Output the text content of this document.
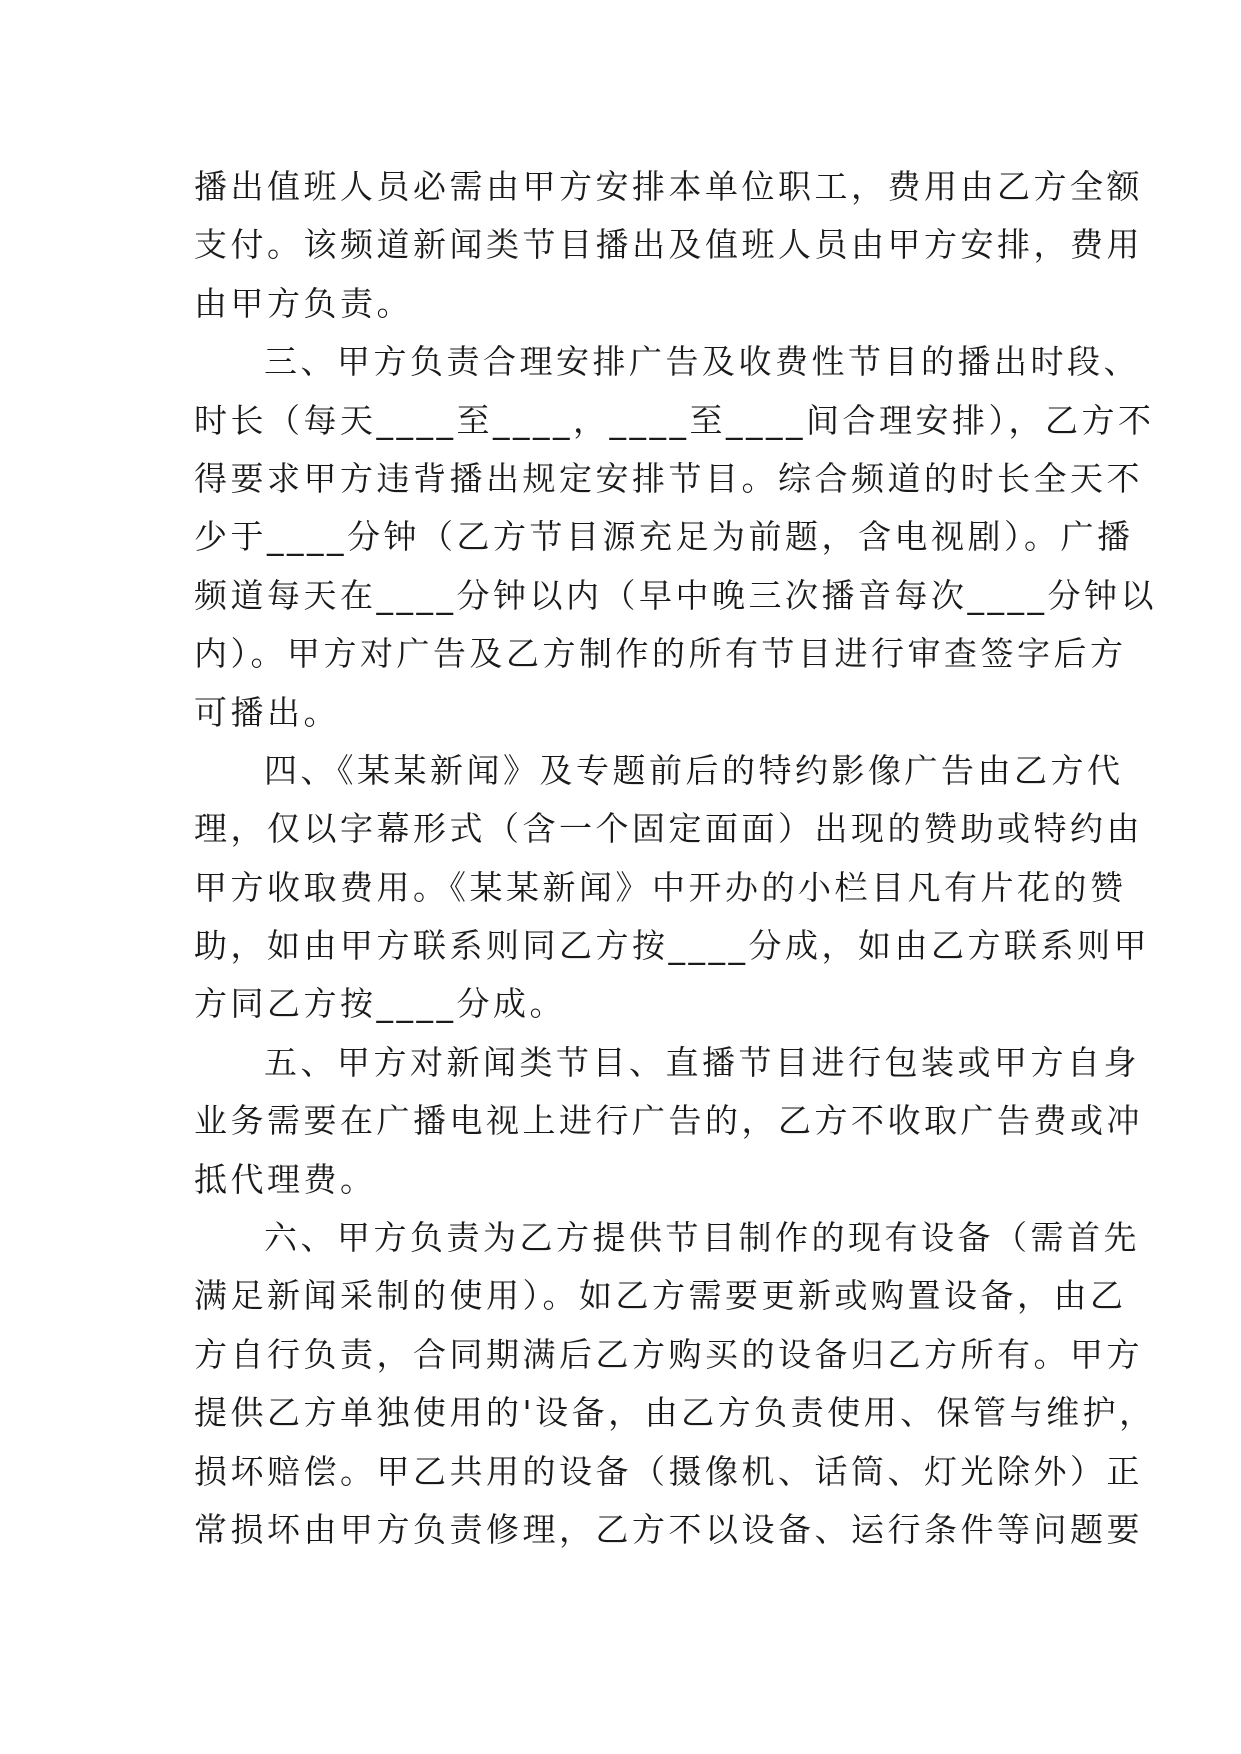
播出值班人员必需由甲方安排本单位职工，费用由乙方全额
支付。该频道新闻类节目播出及值班人员由甲方安排，费用
由甲方负责。
三、甲方负责合理安排广告及收费性节目的播出时段、
时长（每天____至____，____至____间合理安排），乙方不
得要求甲方违背播出规定安排节目。综合频道的时长全天不
少于____分钟（乙方节目源充足为前题，含电视剧）。广播
频道每天在____分钟以内（早中晚三次播音每次____分钟以
内）。甲方对广告及乙方制作的所有节目进行审查签字后方
可播出。
四、《某某新闻》及专题前后的特约影像广告由乙方代
理，仅以字幕形式（含一个固定面面）出现的赞助或特约由
甲方收取费用。《某某新闻》中开办的小栏目凡有片花的赞
助，如由甲方联系则同乙方按____分成，如由乙方联系则甲
方同乙方按____分成。
五、甲方对新闻类节目、直播节目进行包装或甲方自身
业务需要在广播电视上进行广告的，乙方不收取广告费或冲
抵代理费。
六、甲方负责为乙方提供节目制作的现有设备（需首先
满足新闻采制的使用）。如乙方需要更新或购置设备，由乙
方自行负责，合同期满后乙方购买的设备归乙方所有。甲方
提供乙方单独使用的'设备，由乙方负责使用、保管与维护，
损坏赔偿。甲乙共用的设备（摄像机、话筒、灯光除外）正
常损坏由甲方负责修理，乙方不以设备、运行条件等问题要
